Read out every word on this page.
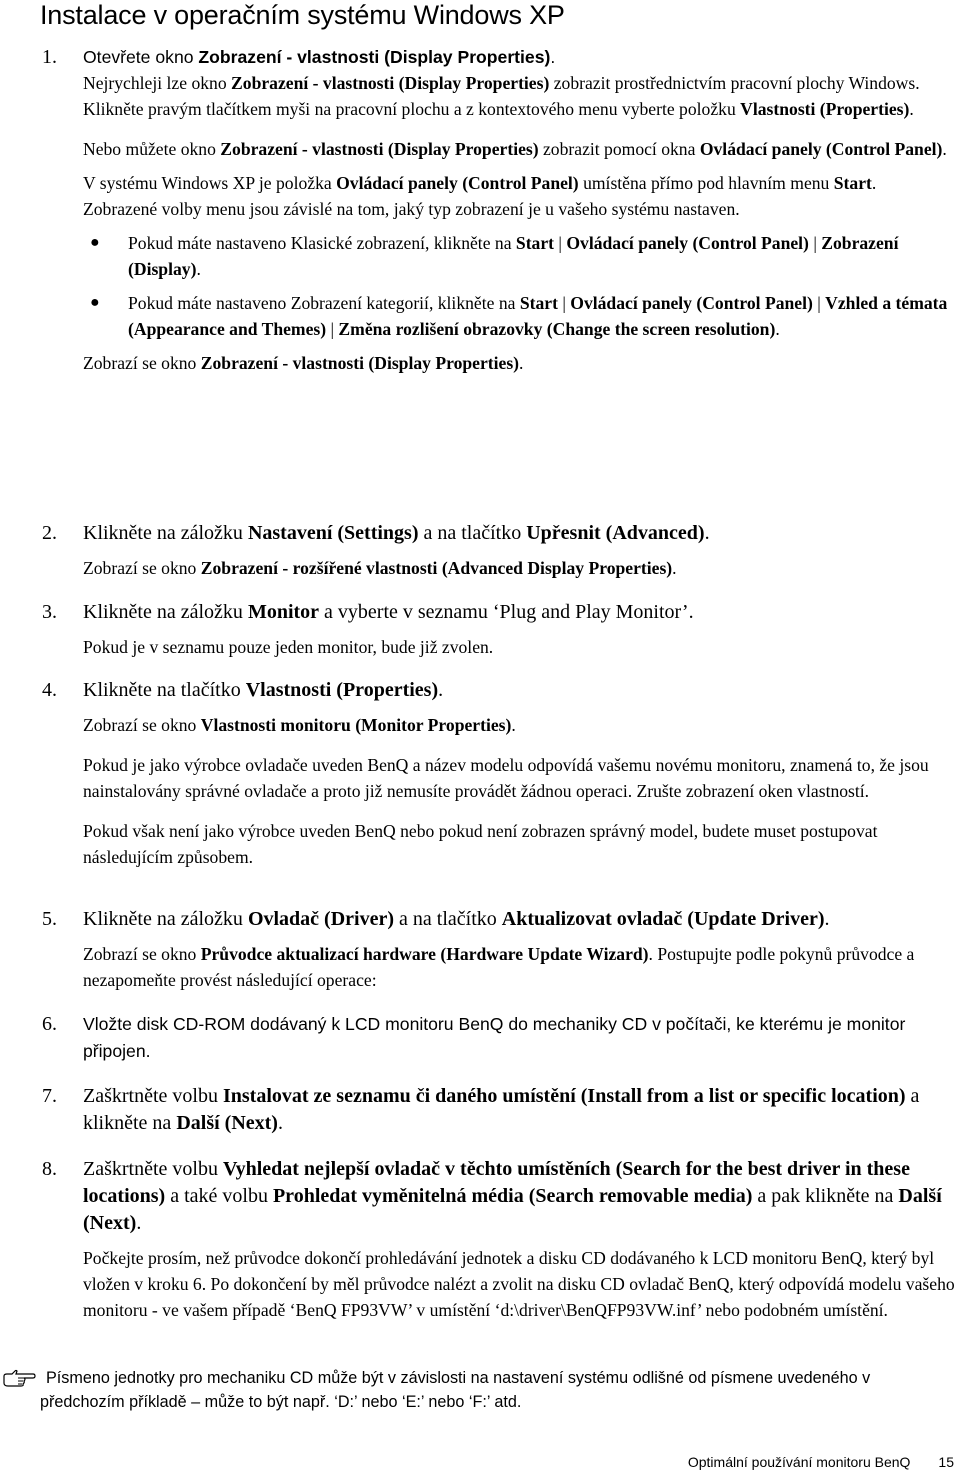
Instalace v operačním systému Windows XP
1.	Otevřete okno Zobrazení - vlastnosti (Display Properties).

Nejrychleji lze okno Zobrazení - vlastnosti (Display Properties) zobrazit prostřednictvím pracovní plochy Windows.

Klikněte pravým tlačítkem myši na pracovní plochu a z kontextového menu vyberte položku Vlastnosti (Properties).

Nebo můžete okno Zobrazení - vlastnosti (Display Properties) zobrazit pomocí okna Ovládací panely (Control Panel).

V systému Windows XP je položka Ovládací panely (Control Panel) umístěna přímo pod hlavním menu Start.

Zobrazené volby menu jsou závislé na tom, jaký typ zobrazení je u vašeho systému nastaven.

● Pokud máte nastaveno Klasické zobrazení, klikněte na Start | Ovládací panely (Control Panel) | Zobrazení (Display).
● Pokud máte nastaveno Zobrazení kategorií, klikněte na Start | Ovládací panely (Control Panel) | Vzhled a témata (Appearance and Themes) | Změna rozlišení obrazovky (Change the screen resolution).

Zobrazí se okno Zobrazení - vlastnosti (Display Properties).

2.	Klikněte na záložku Nastavení (Settings) a na tlačítko Upřesnit (Advanced).

Zobrazí se okno Zobrazení - rozšířené vlastnosti (Advanced Display Properties).

3.	Klikněte na záložku Monitor a vyberte v seznamu ‘Plug and Play Monitor’.

Pokud je v seznamu pouze jeden monitor, bude již zvolen.

4.	Klikněte na tlačítko Vlastnosti (Properties).

Zobrazí se okno Vlastnosti monitoru (Monitor Properties).

Pokud je jako výrobce ovladače uveden BenQ a název modelu odpovídá vašemu novému monitoru, znamená to, že jsou nainstalovány správné ovladače a proto již nemusíte provádět žádnou operaci. Zrušte zobrazení oken vlastností.

Pokud však není jako výrobce uveden BenQ nebo pokud není zobrazen správný model, budete muset postupovat následujícím způsobem.

5.	Klikněte na záložku Ovladač (Driver) a na tlačítko Aktualizovat ovladač (Update Driver).

Zobrazí se okno Průvodce aktualizací hardware (Hardware Update Wizard). Postupujte podle pokynů průvodce a nezapomeňte provést následující operace:

6.	Vložte disk CD-ROM dodávaný k LCD monitoru BenQ do mechaniky CD v počítači, ke kterému je monitor připojen.

7.	Zaškrtněte volbu Instalovat ze seznamu či daného umístění (Install from a list or specific location) a klikněte na Další (Next).

8.	Zaškrtněte volbu Vyhledat nejlepší ovladač v těchto umístěních (Search for the best driver in these locations) a také volbu Prohledat vyměnitelná média (Search removable media) a pak klikněte na Další (Next).

Počkejte prosím, než průvodce dokončí prohledávání jednotek a disku CD dodávaného k LCD monitoru BenQ, který byl vložen v kroku 6. Po dokončení by měl průvodce nalézt a zvolit na disku CD ovladač BenQ, který odpovídá modelu vašeho monitoru - ve vašem případě ‘BenQ FP93VW’ v umístění ‘d:\driver\BenQFP93VW.inf’ nebo podobném umístění.

Písmeno jednotky pro mechaniku CD může být v závislosti na nastavení systému odlišné od písmene uvedeného v předchozím příkladě – může to být např. ‘D:’ nebo ‘E:’ nebo ‘F:’ atd.
Optimální používání monitoru BenQ 15
